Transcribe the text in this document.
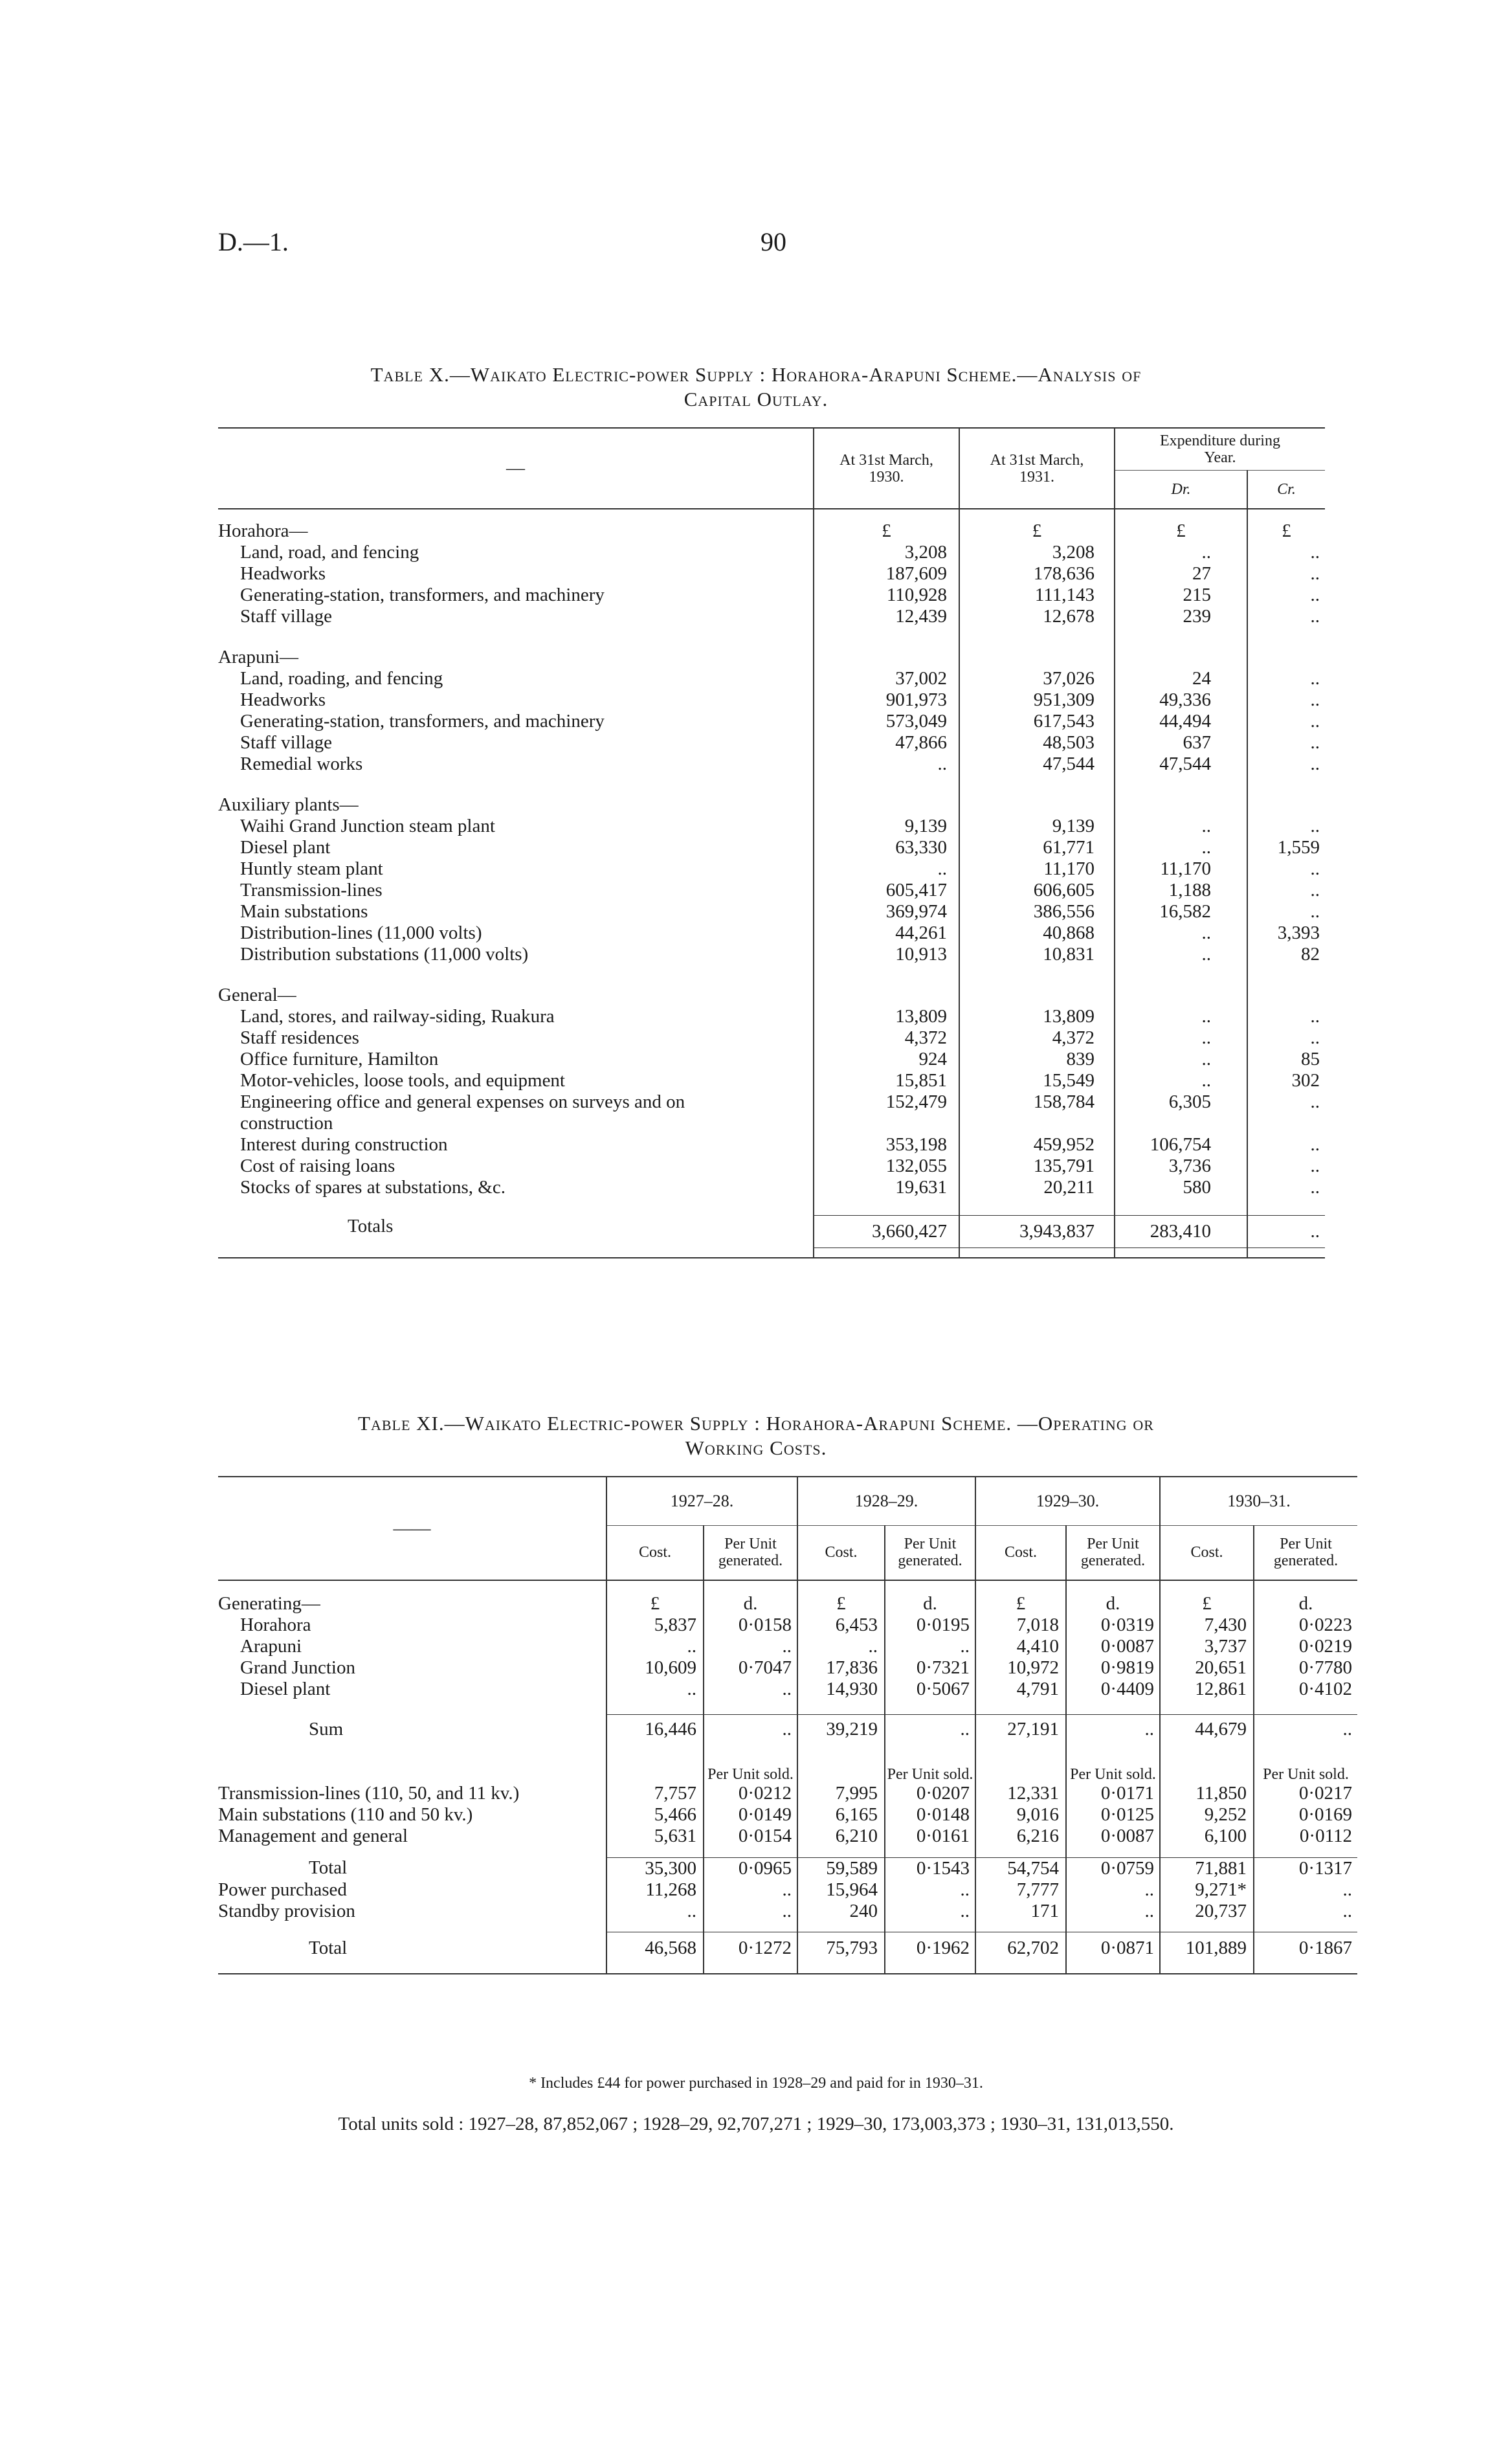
D.—1.	90
Table X.—Waikato Electric-power Supply : Horahora-Arapuni Scheme.—Analysis of
Capital Outlay.
—	At 31st March, 1930.	At 31st March, 1931.	Expenditure during Year.	
			Dr.	Cr.

Horahora—	£	£	£	£
Land, road, and fencing	3,208	3,208	..	..
Headworks	187,609	178,636	27	..
Generating-station, transformers, and machinery	110,928	111,143	215	..
Staff village	12,439	12,678	239	..

Arapuni—				
Land, roading, and fencing	37,002	37,026	24	..
Headworks	901,973	951,309	49,336	..
Generating-station, transformers, and machinery	573,049	617,543	44,494	..
Staff village	47,866	48,503	637	..
Remedial works	..	47,544	47,544	..

Auxiliary plants—				
Waihi Grand Junction steam plant	9,139	9,139	..	..
Diesel plant	63,330	61,771	..	1,559
Huntly steam plant	..	11,170	11,170	..
Transmission-lines	605,417	606,605	1,188	..
Main substations	369,974	386,556	16,582	..
Distribution-lines (11,000 volts)	44,261	40,868	..	3,393
Distribution substations (11,000 volts)	10,913	10,831	..	82

General—				
Land, stores, and railway-siding, Ruakura	13,809	13,809	..	..
Staff residences	4,372	4,372	..	..
Office furniture, Hamilton	924	839	..	85
Motor-vehicles, loose tools, and equipment	15,851	15,549	..	302
Engineering office and general expenses on surveys and on construction	152,479	158,784	6,305	..
Interest during construction	353,198	459,952	106,754	..
Cost of raising loans	132,055	135,791	3,736	..
Stocks of spares at substations, &c.	19,631	20,211	580	..

Totals	3,660,427	3,943,837	283,410	..

Table XI.—Waikato Electric-power Supply : Horahora-Arapuni Scheme. —Operating or
Working Costs.
——	1927–28.		1928–29.		1929–30.		1930–31.	
	Cost.	Per Unit generated.	Cost.	Per Unit generated.	Cost.	Per Unit generated.	Cost.	Per Unit generated.

Generating—	£	d.	£	d.	£	d.	£	d.
Horahora	5,837	0·0158	6,453	0·0195	7,018	0·0319	7,430	0·0223
Arapuni	..	..	..	..	4,410	0·0087	3,737	0·0219
Grand Junction	10,609	0·7047	17,836	0·7321	10,972	0·9819	20,651	0·7780
Diesel plant	..	..	14,930	0·5067	4,791	0·4409	12,861	0·4102

Sum	16,446	..	39,219	..	27,191	..	44,679	..

		Per Unit sold.		Per Unit sold.		Per Unit sold.		Per Unit sold.
Transmission-lines (110, 50, and 11 kv.)	7,757	0·0212	7,995	0·0207	12,331	0·0171	11,850	0·0217
Main substations (110 and 50 kv.)	5,466	0·0149	6,165	0·0148	9,016	0·0125	9,252	0·0169
Management and general	5,631	0·0154	6,210	0·0161	6,216	0·0087	6,100	0·0112

Total	35,300	0·0965	59,589	0·1543	54,754	0·0759	71,881	0·1317
Power purchased	11,268	..	15,964	..	7,777	..	9,271*	..
Standby provision	..	..	240	..	171	..	20,737	..

Total	46,568	0·1272	75,793	0·1962	62,702	0·0871	101,889	0·1867

* Includes £44 for power purchased in 1928–29 and paid for in 1930–31.
Total units sold : 1927–28, 87,852,067 ; 1928–29, 92,707,271 ; 1929–30, 173,003,373 ; 1930–31, 131,013,550.
